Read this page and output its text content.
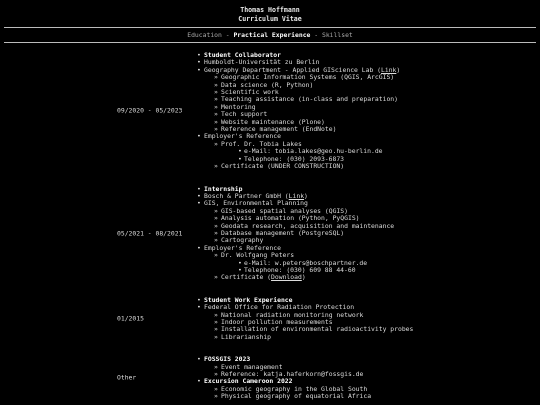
Thomas Hoffmann
Curriculum Vitae
Education - Practical Experience - Skillset
09/2020 - 05/2023
• Student Collaborator
• Humboldt-Universität zu Berlin
• Geography Department - Applied GIScience Lab (Link)
» Geographic Information Systems (QGIS, ArcGIS)
» Data science (R, Python)
» Scientific work
» Teaching assistance (in-class and preparation)
» Mentoring
» Tech support
» Website maintenance (Plone)
» Reference management (EndNote)
• Employer's Reference
» Prof. Dr. Tobia Lakes
• e-Mail: tobia.lakes@geo.hu-berlin.de
• Telephone: (030) 2093-6873
» Certificate (UNDER CONSTRUCTION)
05/2021 - 08/2021
• Internship
• Bosch & Partner GmbH (Link)
• GIS, Environmental Planning
» GIS-based spatial analyses (QGIS)
» Analysis automation (Python, PyQGIS)
» Geodata research, acquisition and maintenance
» Database management (PostgreSQL)
» Cartography
• Employer's Reference
» Dr. Wolfgang Peters
• e-Mail: w.peters@boschpartner.de
• Telephone: (030) 609 88 44-60
» Certificate (Download)
01/2015
• Student Work Experience
• Federal Office for Radiation Protection
» National radiation monitoring network
» Indoor pollution measurements
» Installation of environmental radioactivity probes
» Librarianship
Other
• FOSSGIS 2023
» Event management
» Reference: katja.haferkorn@fossgis.de
• Excursion Cameroon 2022
» Economic geography in the Global South
» Physical geography of equatorial Africa
